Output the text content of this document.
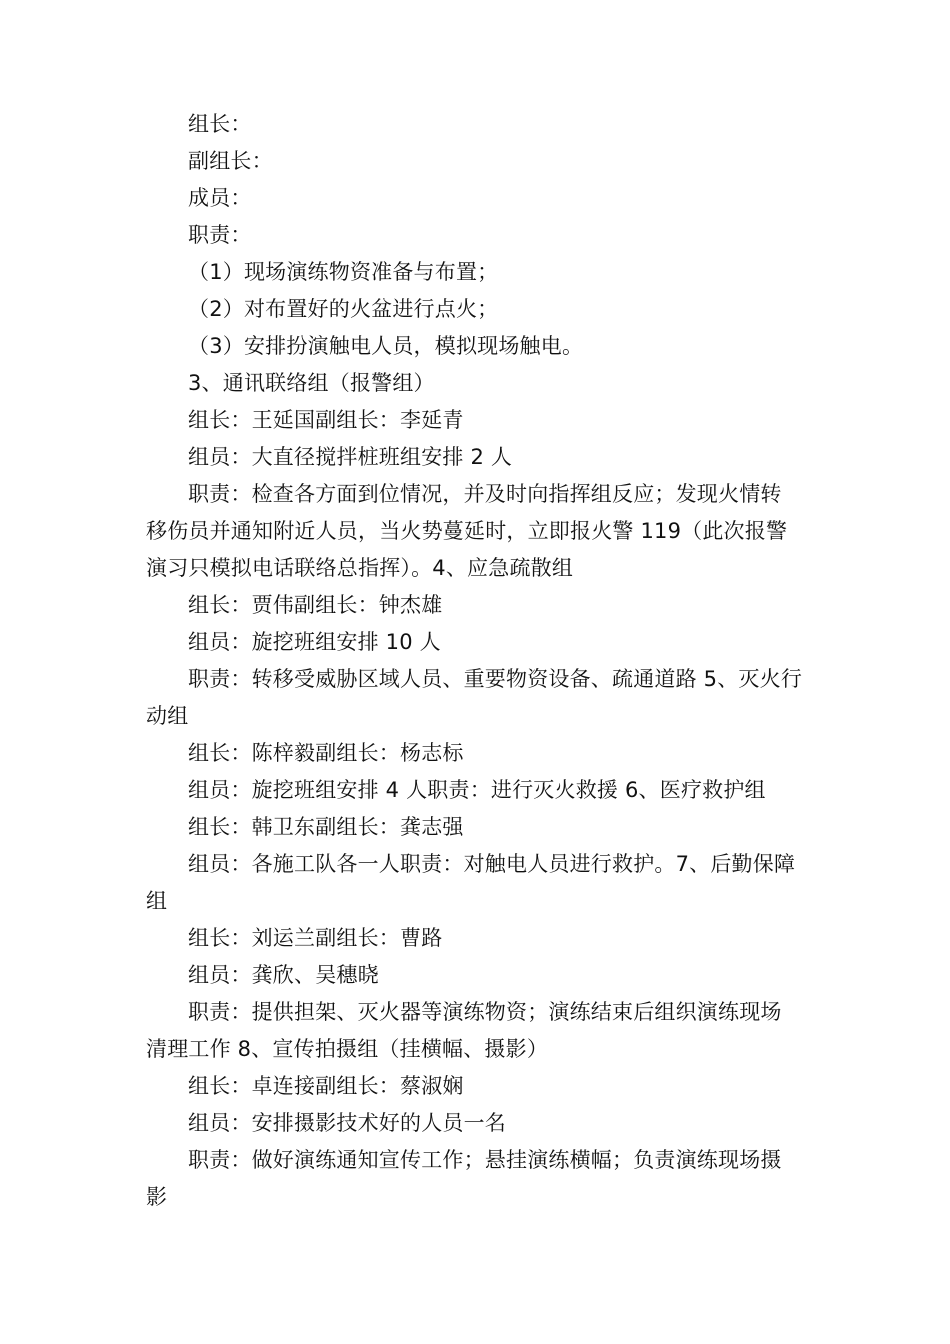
组长：
副组长：
成员：
职责：
（1）现场演练物资准备与布置；
（2）对布置好的火盆进行点火；
（3）安排扮演触电人员，模拟现场触电。
3、通讯联络组（报警组）
组长：王延国副组长：李延青
组员：大直径搅拌桩班组安排 2 人
职责：检查各方面到位情况，并及时向指挥组反应；发现火情转
移伤员并通知附近人员，当火势蔓延时，立即报火警 119（此次报警
演习只模拟电话联络总指挥）。4、应急疏散组
组长：贾伟副组长：钟杰雄
组员：旋挖班组安排 10 人
职责：转移受威胁区域人员、重要物资设备、疏通道路 5、灭火行
动组
组长：陈梓毅副组长：杨志标
组员：旋挖班组安排 4 人职责：进行灭火救援 6、医疗救护组
组长：韩卫东副组长：龚志强
组员：各施工队各一人职责：对触电人员进行救护。7、后勤保障
组
组长：刘运兰副组长：曹路
组员：龚欣、吴穗晓
职责：提供担架、灭火器等演练物资；演练结束后组织演练现场
清理工作 8、宣传拍摄组（挂横幅、摄影）
组长：卓连接副组长：蔡淑娴
组员：安排摄影技术好的人员一名
职责：做好演练通知宣传工作；悬挂演练横幅；负责演练现场摄
影
